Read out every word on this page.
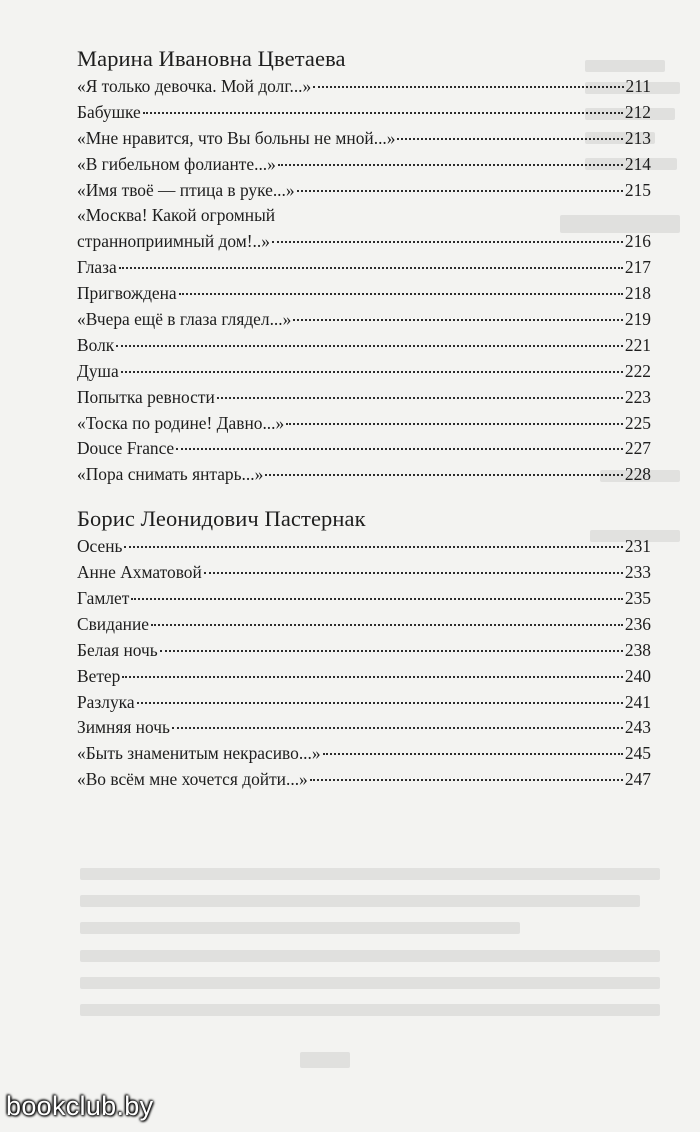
Марина Ивановна Цветаева
«Я только девочка. Мой долг...»	211
Бабушке	212
«Мне нравится, что Вы больны не мной...»	213
«В гибельном фолианте...»	214
«Имя твоё — птица в руке...»	215
«Москва! Какой огромный
странноприимный дом!..»	216
Глаза	217
Пригвождена	218
«Вчера ещё в глаза глядел...»	219
Волк	221
Душа	222
Попытка ревности	223
«Тоска по родине! Давно...»	225
Douce France	227
«Пора снимать янтарь...»	228
Борис Леонидович Пастернак
Осень	231
Анне Ахматовой	233
Гамлет	235
Свидание	236
Белая ночь	238
Ветер	240
Разлука	241
Зимняя ночь	243
«Быть знаменитым некрасиво...»	245
«Во всём мне хочется дойти...»	247
bookclub.by
